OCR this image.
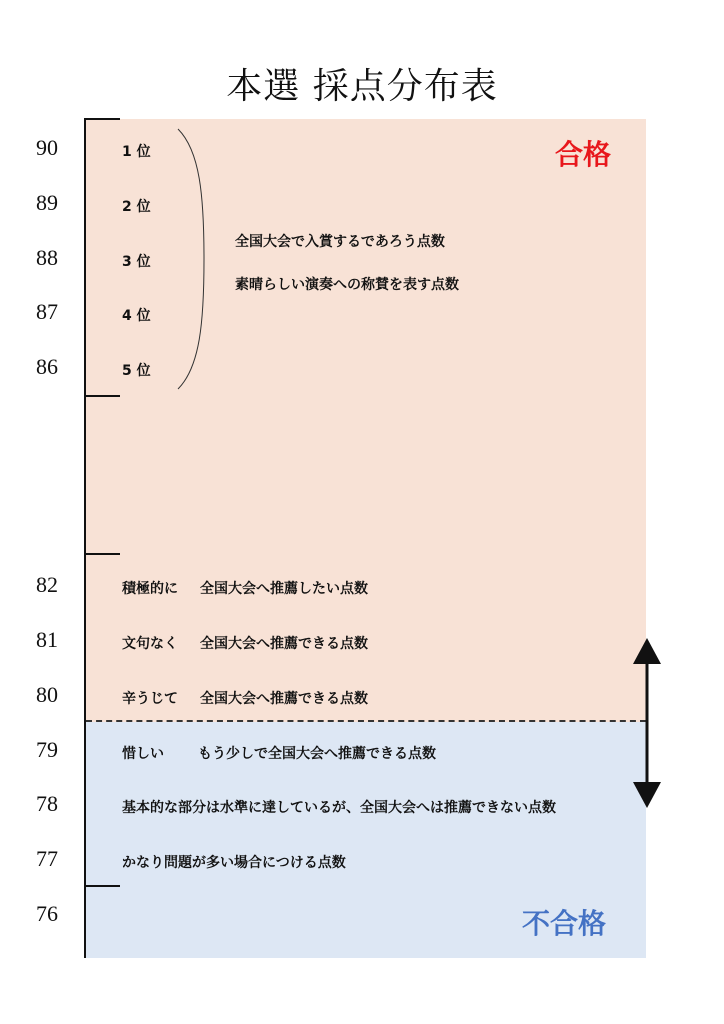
本選 採点分布表
合格
不合格
90
89
88
87
86
82
81
80
79
78
77
76
1 位
2 位
3 位
4 位
5 位
全国大会で入賞するであろう点数
素晴らしい演奏への称賛を表す点数
積極的に 全国大会へ推薦したい点数
文句なく 全国大会へ推薦できる点数
辛うじて 全国大会へ推薦できる点数
惜しい もう少しで全国大会へ推薦できる点数
基本的な部分は水準に達しているが、全国大会へは推薦できない点数
かなり問題が多い場合につける点数
